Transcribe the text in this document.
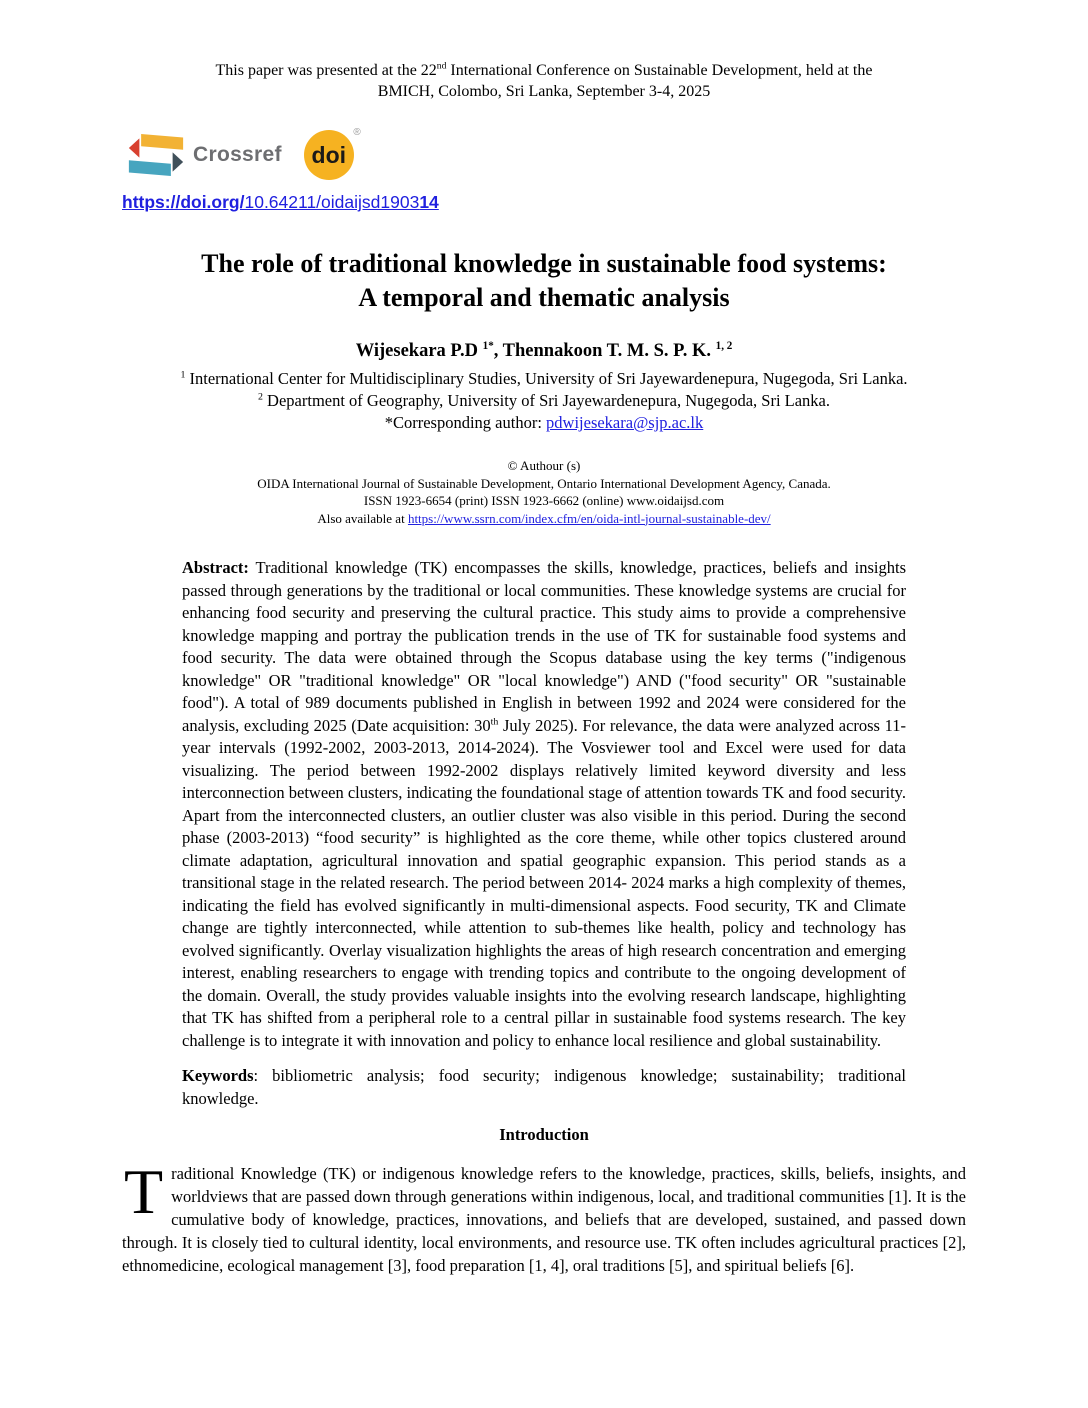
This paper was presented at the 22nd International Conference on Sustainable Development, held at the
BMICH, Colombo, Sri Lanka, September 3-4, 2025
Crossref doi
®
https://doi.org/10.64211/oidaijsd190314
The role of traditional knowledge in sustainable food systems:
A temporal and thematic analysis

Wijesekara P.D $^{1*}$, Thennakoon T. M. S. P. K. $^{1, 2}$

$^1$ International Center for Multidisciplinary Studies, University of Sri Jayewardenepura, Nugegoda, Sri Lanka.

$^2$ Department of Geography, University of Sri Jayewardenepura, Nugegoda, Sri Lanka.

*Corresponding author: pdwijesekara@sjp.ac.lk

© Authour (s)
OIDA International Journal of Sustainable Development, Ontario International Development Agency, Canada.
ISSN 1923-6654 (print) ISSN 1923-6662 (online) www.oidaijsd.com
Also available at https://www.ssrn.com/index.cfm/en/oida-intl-journal-sustainable-dev/

Abstract: Traditional knowledge (TK) encompasses the skills, knowledge, practices, beliefs and insights passed through generations by the traditional or local communities. These knowledge systems are crucial for enhancing food security and preserving the cultural practice. This study aims to provide a comprehensive knowledge mapping and portray the publication trends in the use of TK for sustainable food systems and food security. The data were obtained through the Scopus database using the key terms ("indigenous knowledge" OR "traditional knowledge" OR "local knowledge") AND ("food security" OR "sustainable food"). A total of 989 documents published in English in between 1992 and 2024 were considered for the analysis, excluding 2025 (Date acquisition: 30th July 2025). For relevance, the data were analyzed across 11-year intervals (1992-2002, 2003-2013, 2014-2024). The Vosviewer tool and Excel were used for data visualizing. The period between 1992-2002 displays relatively limited keyword diversity and less interconnection between clusters, indicating the foundational stage of attention towards TK and food security. Apart from the interconnected clusters, an outlier cluster was also visible in this period. During the second phase (2003-2013) “food security” is highlighted as the core theme, while other topics clustered around climate adaptation, agricultural innovation and spatial geographic expansion. This period stands as a transitional stage in the related research. The period between 2014- 2024 marks a high complexity of themes, indicating the field has evolved significantly in multi-dimensional aspects. Food security, TK and Climate change are tightly interconnected, while attention to sub-themes like health, policy and technology has evolved significantly. Overlay visualization highlights the areas of high research concentration and emerging interest, enabling researchers to engage with trending topics and contribute to the ongoing development of the domain. Overall, the study provides valuable insights into the evolving research landscape, highlighting that TK has shifted from a peripheral role to a central pillar in sustainable food systems research. The key challenge is to integrate it with innovation and policy to enhance local resilience and global sustainability.

Keywords: bibliometric analysis; food security; indigenous knowledge; sustainability; traditional knowledge.

Introduction

Traditional Knowledge (TK) or indigenous knowledge refers to the knowledge, practices, skills, beliefs, insights, and worldviews that are passed down through generations within indigenous, local, and traditional communities [1]. It is the cumulative body of knowledge, practices, innovations, and beliefs that are developed, sustained, and passed down through. It is closely tied to cultural identity, local environments, and resource use. TK often includes agricultural practices [2], ethnomedicine, ecological management [3], food preparation [1, 4], oral traditions [5], and spiritual beliefs [6].
